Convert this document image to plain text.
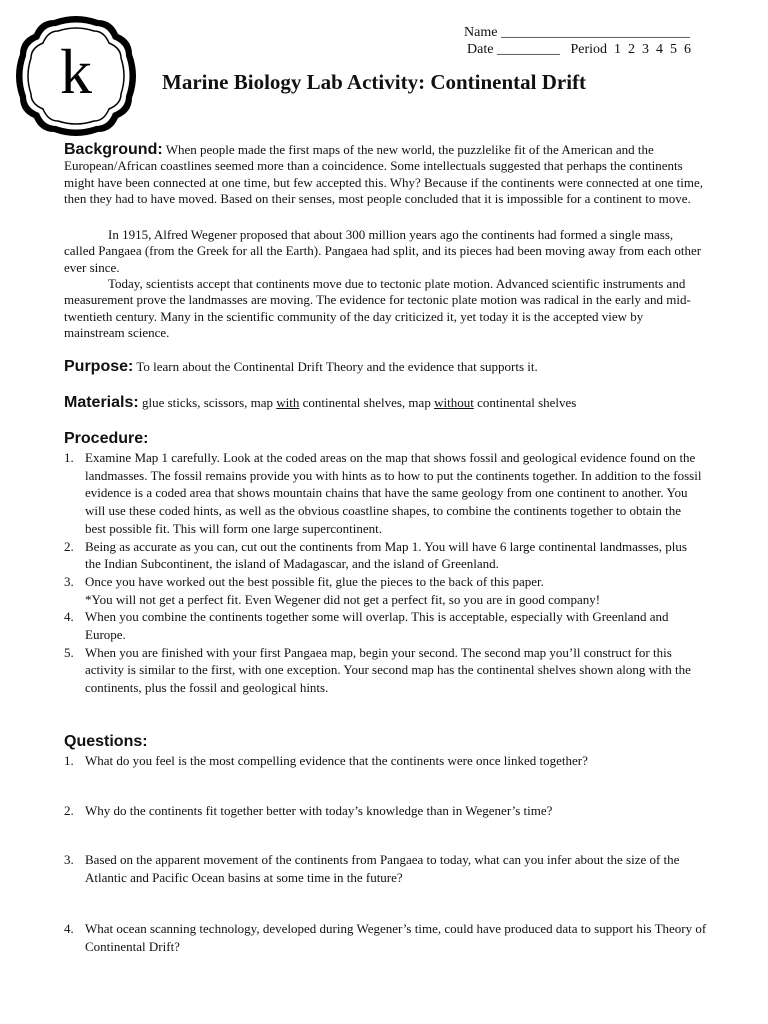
k
Name ___________________________
Date _________ Period 1  2  3  4  5  6
Marine Biology Lab Activity: Continental Drift

Background: When people made the first maps of the new world, the puzzlelike fit of the American and the European/African coastlines seemed more than a coincidence. Some intellectuals suggested that perhaps the continents might have been connected at one time, but few accepted this. Why? Because if the continents were connected at one time, then they had to have moved. Based on their senses, most people concluded that it is impossible for a continent to move.

In 1915, Alfred Wegener proposed that about 300 million years ago the continents had formed a single mass, called Pangaea (from the Greek for all the Earth). Pangaea had split, and its pieces had been moving away from each other ever since.

Today, scientists accept that continents move due to tectonic plate motion. Advanced scientific instruments and measurement prove the landmasses are moving. The evidence for tectonic plate motion was radical in the early and mid-twentieth century. Many in the scientific community of the day criticized it, yet today it is the accepted view by mainstream science.

Purpose: To learn about the Continental Drift Theory and the evidence that supports it.
Materials: glue sticks, scissors, map with continental shelves, map without continental shelves
Procedure:
1. Examine Map 1 carefully. Look at the coded areas on the map that shows fossil and geological evidence found on the landmasses. The fossil remains provide you with hints as to how to put the continents together. In addition to the fossil evidence is a coded area that shows mountain chains that have the same geology from one continent to another. You will use these coded hints, as well as the obvious coastline shapes, to combine the continents together to obtain the best possible fit. This will form one large supercontinent.
2. Being as accurate as you can, cut out the continents from Map 1. You will have 6 large continental landmasses, plus the Indian Subcontinent, the island of Madagascar, and the island of Greenland.
3. Once you have worked out the best possible fit, glue the pieces to the back of this paper.
*You will not get a perfect fit. Even Wegener did not get a perfect fit, so you are in good company!
4. When you combine the continents together some will overlap. This is acceptable, especially with Greenland and Europe.
5. When you are finished with your first Pangaea map, begin your second. The second map you’ll construct for this activity is similar to the first, with one exception. Your second map has the continental shelves shown along with the continents, plus the fossil and geological hints.
Questions:
1. What do you feel is the most compelling evidence that the continents were once linked together?
2. Why do the continents fit together better with today’s knowledge than in Wegener’s time?
3. Based on the apparent movement of the continents from Pangaea to today, what can you infer about the size of the Atlantic and Pacific Ocean basins at some time in the future?
4. What ocean scanning technology, developed during Wegener’s time, could have produced data to support his Theory of Continental Drift?
